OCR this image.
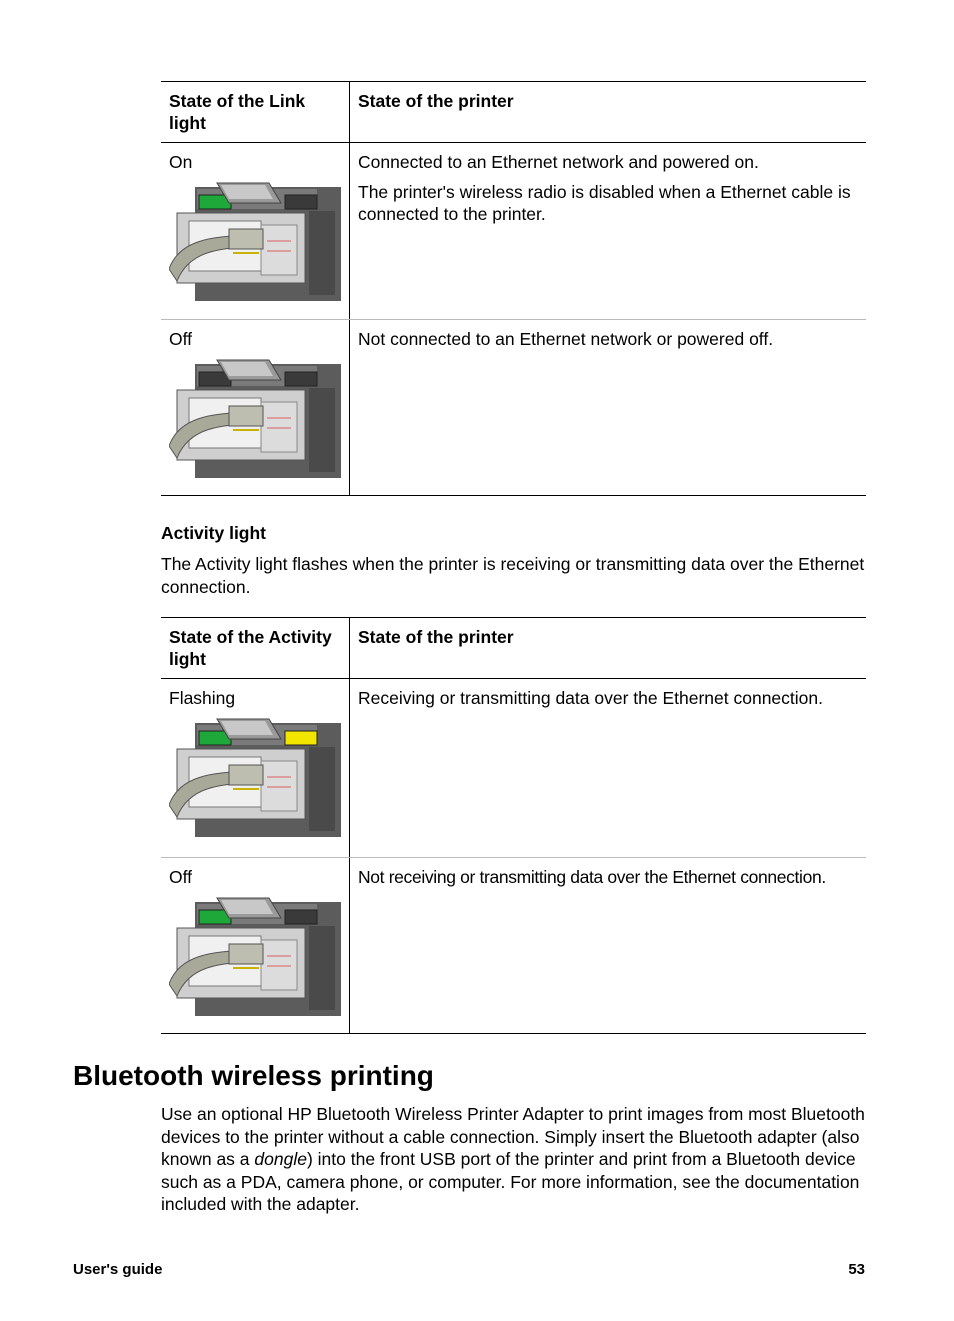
State of the Link light	State of the printer

On	Connected to an Ethernet network and powered on.

The printer's wireless radio is disabled when a Ethernet cable is connected to the printer.

Off	Not connected to an Ethernet network or powered off.

Activity light

The Activity light flashes when the printer is receiving or transmitting data over the Ethernet connection.

State of the Activity light	State of the printer

Flashing	Receiving or transmitting data over the Ethernet connection.

Off	Not receiving or transmitting data over the Ethernet connection.

Bluetooth wireless printing

Use an optional HP Bluetooth Wireless Printer Adapter to print images from most Bluetooth devices to the printer without a cable connection. Simply insert the Bluetooth adapter (also known as a dongle) into the front USB port of the printer and print from a Bluetooth device such as a PDA, camera phone, or computer. For more information, see the documentation included with the adapter.

User's guide	53
